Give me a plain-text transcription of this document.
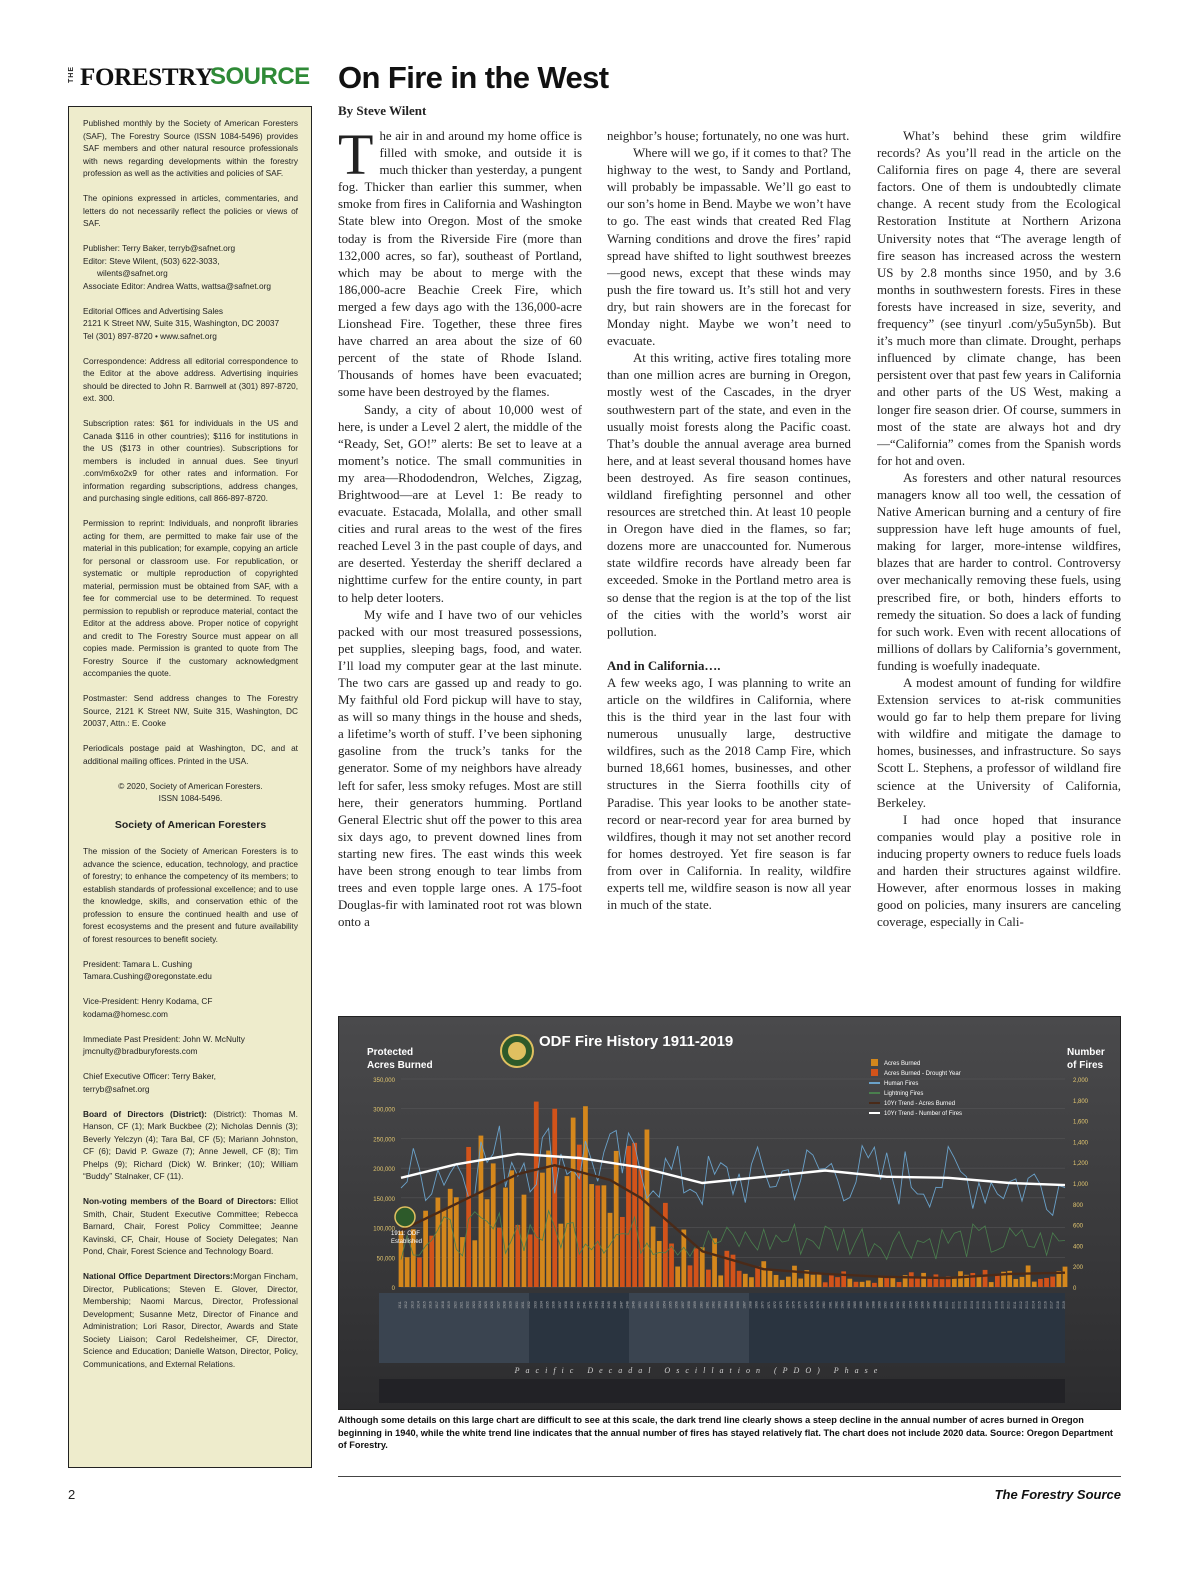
THE FORESTRY
SOURCE

Published monthly by the Society of American Foresters (SAF), The Forestry Source (ISSN 1084-5496) provides SAF members and other natural resource professionals with news regarding developments within the forestry profession as well as the activities and policies of SAF.

The opinions expressed in articles, commentaries, and letters do not necessarily reflect the policies or views of SAF.

Publisher: Terry Baker, terryb@safnet.org
Editor: Steve Wilent, (503) 622-3033,
wilents@safnet.org
Associate Editor: Andrea Watts, wattsa@safnet.org

Editorial Offices and Advertising Sales
2121 K Street NW, Suite 315, Washington, DC 20037
Tel (301) 897-8720 • www.safnet.org

Correspondence: Address all editorial correspondence to the Editor at the above address. Advertising inquiries should be directed to John R. Barnwell at (301) 897-8720, ext. 300.

Subscription rates: $61 for individuals in the US and Canada $116 in other countries); $116 for institutions in the US ($173 in other countries). Subscriptions for members is included in annual dues. See tinyurl .com/m6xo2x9 for other rates and information. For information regarding subscriptions, address changes, and purchasing single editions, call 866-897-8720.

Permission to reprint: Individuals, and nonprofit libraries acting for them, are permitted to make fair use of the material in this publication; for example, copying an article for personal or classroom use. For republication, or systematic or multiple reproduction of copyrighted material, permission must be obtained from SAF, with a fee for commercial use to be determined. To request permission to republish or reproduce material, contact the Editor at the address above. Proper notice of copyright and credit to The Forestry Source must appear on all copies made. Permission is granted to quote from The Forestry Source if the customary acknowledgment accompanies the quote.

Postmaster: Send address changes to The Forestry Source, 2121 K Street NW, Suite 315, Washington, DC 20037, Attn.: E. Cooke

Periodicals postage paid at Washington, DC, and at additional mailing offices. Printed in the USA.

© 2020, Society of American Foresters.
ISSN 1084-5496.

Society of American Foresters

The mission of the Society of American Foresters is to advance the science, education, technology, and practice of forestry; to enhance the competency of its members; to establish standards of professional excellence; and to use the knowledge, skills, and conservation ethic of the profession to ensure the continued health and use of forest ecosystems and the present and future availability of forest resources to benefit society.

President: Tamara L. Cushing
Tamara.Cushing@oregonstate.edu

Vice-President: Henry Kodama, CF
kodama@homesc.com

Immediate Past President: John W. McNulty
jmcnulty@bradburyforests.com

Chief Executive Officer: Terry Baker,
terryb@safnet.org

Board of Directors (District): (District): Thomas M. Hanson, CF (1); Mark Buckbee (2); Nicholas Dennis (3); Beverly Yelczyn (4); Tara Bal, CF (5); Mariann Johnston, CF (6); David P. Gwaze (7); Anne Jewell, CF (8); Tim Phelps (9); Richard (Dick) W. Brinker; (10); William “Buddy” Stalnaker, CF (11).

Non-voting members of the Board of Directors: Elliot Smith, Chair, Student Executive Committee; Rebecca Barnard, Chair, Forest Policy Committee; Jeanne Kavinski, CF, Chair, House of Society Delegates; Nan Pond, Chair, Forest Science and Technology Board.

National Office Department Directors:Morgan Fincham, Director, Publications; Steven E. Glover, Director, Membership; Naomi Marcus, Director, Professional Development; Susanne Metz, Director of Finance and Administration; Lori Rasor, Director, Awards and State Society Liaison; Carol Redelsheimer, CF, Director, Science and Education; Danielle Watson, Director, Policy, Communications, and External Relations.

On Fire in the West
By Steve Wilent

The air in and around my home office is filled with smoke, and outside it is much thicker than yesterday, a pungent fog. Thicker than earlier this summer, when smoke from fires in California and Washington State blew into Oregon. Most of the smoke today is from the Riverside Fire (more than 132,000 acres, so far), southeast of Portland, which may be about to merge with the 186,000-acre Beachie Creek Fire, which merged a few days ago with the 136,000-acre Lionshead Fire. Together, these three fires have charred an area about the size of 60 percent of the state of Rhode Island. Thousands of homes have been evacuated; some have been destroyed by the flames.

Sandy, a city of about 10,000 west of here, is under a Level 2 alert, the middle of the “Ready, Set, GO!” alerts: Be set to leave at a moment’s notice. The small communities in my area—Rhododendron, Welches, Zigzag, Brightwood—are at Level 1: Be ready to evacuate. Estacada, Molalla, and other small cities and rural areas to the west of the fires reached Level 3 in the past couple of days, and are deserted. Yesterday the sheriff declared a nighttime curfew for the entire county, in part to help deter looters.

My wife and I have two of our vehicles packed with our most treasured possessions, pet supplies, sleeping bags, food, and water. I’ll load my computer gear at the last minute. The two cars are gassed up and ready to go. My faithful old Ford pickup will have to stay, as will so many things in the house and sheds, a lifetime’s worth of stuff. I’ve been siphoning gasoline from the truck’s tanks for the generator. Some of my neighbors have already left for safer, less smoky refuges. Most are still here, their generators humming. Portland General Electric shut off the power to this area six days ago, to prevent downed lines from starting new fires. The east winds this week have been strong enough to tear limbs from trees and even topple large ones. A 175-foot Douglas-fir with laminated root rot was blown onto a

neighbor’s house; fortunately, no one was hurt.

Where will we go, if it comes to that? The highway to the west, to Sandy and Portland, will probably be impassable. We’ll go east to our son’s home in Bend. Maybe we won’t have to go. The east winds that created Red Flag Warning conditions and drove the fires’ rapid spread have shifted to light southwest breezes—good news, except that these winds may push the fire toward us. It’s still hot and very dry, but rain showers are in the forecast for Monday night. Maybe we won’t need to evacuate.

At this writing, active fires totaling more than one million acres are burning in Oregon, mostly west of the Cascades, in the dryer southwestern part of the state, and even in the usually moist forests along the Pacific coast. That’s double the annual average area burned here, and at least several thousand homes have been destroyed. As fire season continues, wildland firefighting personnel and other resources are stretched thin. At least 10 people in Oregon have died in the flames, so far; dozens more are unaccounted for. Numerous state wildfire records have already been far exceeded. Smoke in the Portland metro area is so dense that the region is at the top of the list of the cities with the world’s worst air pollution.

And in California….

A few weeks ago, I was planning to write an article on the wildfires in California, where this is the third year in the last four with numerous unusually large, destructive wildfires, such as the 2018 Camp Fire, which burned 18,661 homes, businesses, and other structures in the Sierra foothills city of Paradise. This year looks to be another state-record or near-record year for area burned by wildfires, though it may not set another record for homes destroyed. Yet fire season is far from over in California. In reality, wildfire experts tell me, wildfire season is now all year in much of the state.

What’s behind these grim wildfire records? As you’ll read in the article on the California fires on page 4, there are several factors. One of them is undoubtedly climate change. A recent study from the Ecological Restoration Institute at Northern Arizona University notes that “The average length of fire season has increased across the western US by 2.8 months since 1950, and by 3.6 months in southwestern forests. Fires in these forests have increased in size, severity, and frequency” (see tinyurl .com/y5u5yn5b). But it’s much more than climate. Drought, perhaps influenced by climate change, has been persistent over that past few years in California and other parts of the US West, making a longer fire season drier. Of course, summers in most of the state are always hot and dry—“California” comes from the Spanish words for hot and oven.

As foresters and other natural resources managers know all too well, the cessation of Native American burning and a century of fire suppression have left huge amounts of fuel, making for larger, more-intense wildfires, blazes that are harder to control. Controversy over mechanically removing these fuels, using prescribed fire, or both, hinders efforts to remedy the situation. So does a lack of funding for such work. Even with recent allocations of millions of dollars by California’s government, funding is woefully inadequate.

A modest amount of funding for wildfire Extension services to at-risk communities would go far to help them prepare for living with wildfire and mitigate the damage to homes, businesses, and infrastructure. So says Scott L. Stephens, a professor of wildland fire science at the University of California, Berkeley.

I had once hoped that insurance companies would play a positive role in inducing property owners to reduce fuels loads and harden their structures against wildfire. However, after enormous losses in making good on policies, many insurers are canceling coverage, especially in Cali-

ODF Fire History 1911-2019
Protected
Acres Burned
Number
of Fires
350,000
300,000
250,000
200,000
150,000
100,000
50,000
0
2,000
1,800
1,600
1,400
1,200
1,000
800
600
400
200
0
Acres Burned
Acres Burned - Drought Year
Human Fires
Lightning Fires
10Yr Trend - Acres Burned
10Yr Trend - Number of Fires
1911: ODF
Established
1911 1912 1913 1914 1915 1916 1917 1918 1919 1920 1921 1922 1923 1924 1925 1926 1927 1928 1929 1930 1931 1932 1933 1934 1935 1936 1937 1938 1939 1940 1941 1942 1943 1944 1945 1946 1947 1948 1949 1950 1951 1952 1953 1954 1955 1956 1957 1958 1959 1960 1961 1962 1963 1964 1965 1966 1967 1968 1969 1970 1971 1972 1973 1974 1975 1976 1977 1978 1979 1980 1981 1982 1983 1984 1985 1986 1987 1988 1989 1990 1991 1992 1993 1994 1995 1996 1997 1998 1999 2000 2001 2002 2003 2004 2005 2006 2007 2008 2009 2010 2011 2012 2013 2014 2015 2016 2017 2018 2019
Pacific Decadal Oscillation (PDO) Phase
Although some details on this large chart are difficult to see at this scale, the dark trend line clearly shows a steep decline in the annual number of acres burned in Oregon beginning in 1940, while the white trend line indicates that the annual number of fires has stayed relatively flat. The chart does not include 2020 data. Source: Oregon Department of Forestry.
2	The Forestry Source
